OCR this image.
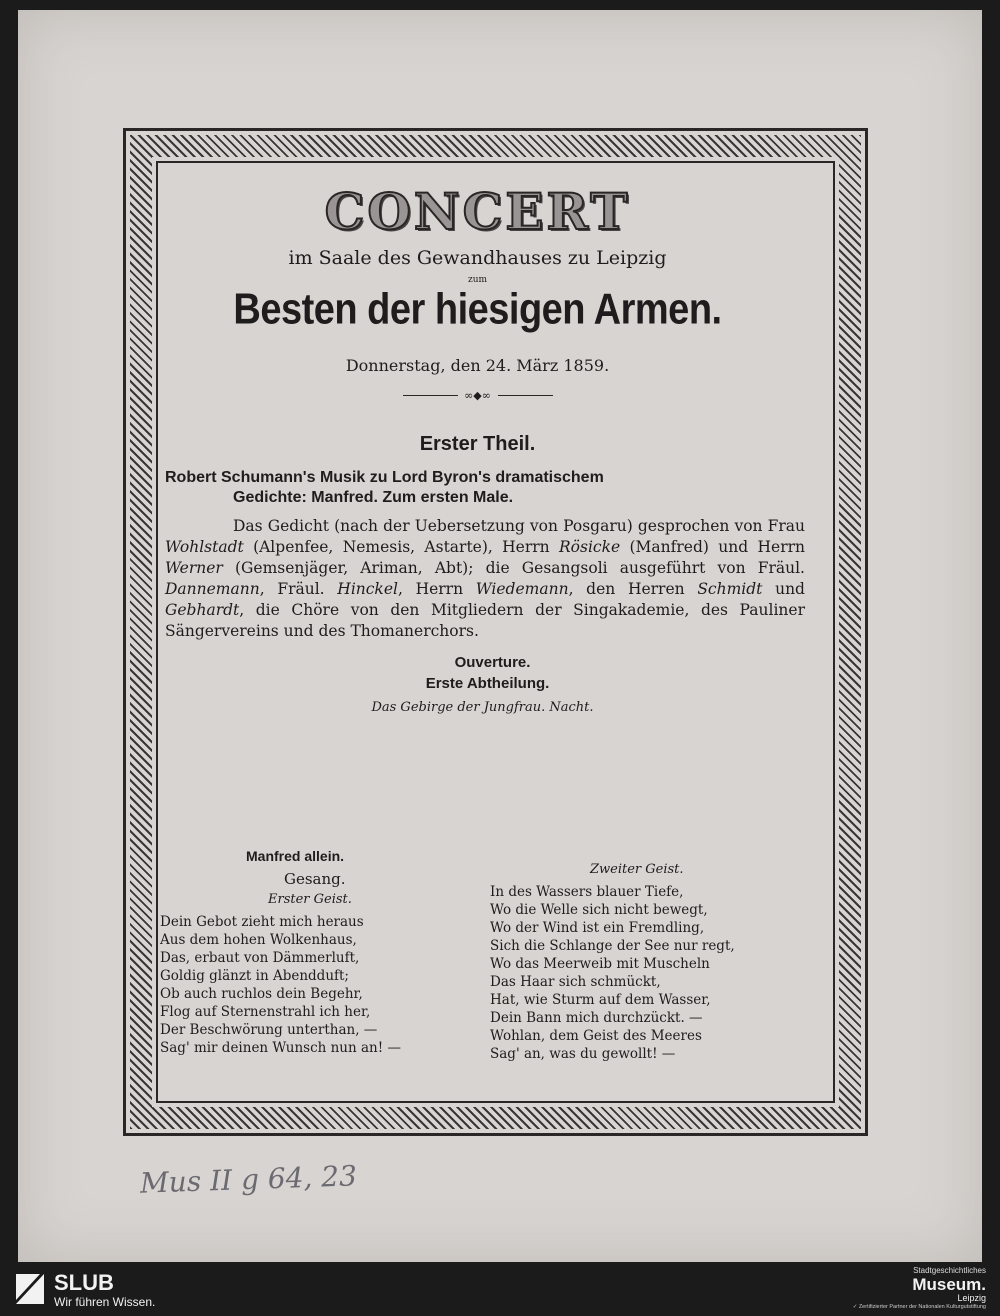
CONCERT
im Saale des Gewandhauses zu Leipzig
zum
Besten der hiesigen Armen.
Donnerstag, den 24. März 1859.
∞◆∞
Erster Theil.
Robert Schumann's Musik zu Lord Byron's dramatischem
Gedichte: Manfred. Zum ersten Male.
Das Gedicht (nach der Uebersetzung von Posgaru) gesprochen von Frau Wohlstadt (Alpenfee, Nemesis, Astarte), Herrn Rösicke (Manfred) und Herrn Werner (Gemsenjäger, Ariman, Abt); die Gesangsoli ausgeführt von Fräul. Dannemann, Fräul. Hinckel, Herrn Wiedemann, den Herren Schmidt und Gebhardt, die Chöre von den Mitgliedern der Singakademie, des Pauliner Sängervereins und des Thomanerchors.
Ouverture.
Erste Abtheilung.
Das Gebirge der Jungfrau. Nacht.
Manfred allein.
Gesang.
Erster Geist.
Dein Gebot zieht mich heraus
Aus dem hohen Wolkenhaus,
Das, erbaut von Dämmerluft,
Goldig glänzt in Abendduft;
Ob auch ruchlos dein Begehr,
Flog auf Sternenstrahl ich her,
Der Beschwörung unterthan, —
Sag' mir deinen Wunsch nun an! —
Zweiter Geist.
In des Wassers blauer Tiefe,
Wo die Welle sich nicht bewegt,
Wo der Wind ist ein Fremdling,
Sich die Schlange der See nur regt,
Wo das Meerweib mit Muscheln
Das Haar sich schmückt,
Hat, wie Sturm auf dem Wasser,
Dein Bann mich durchzückt. —
Wohlan, dem Geist des Meeres
Sag' an, was du gewollt! —
Mus II g 64, 23
SLUB
Wir führen Wissen.
Stadtgeschichtliches
Museum.
Leipzig
✓ Zertifizierter Partner der Nationalen Kulturgutstiftung
